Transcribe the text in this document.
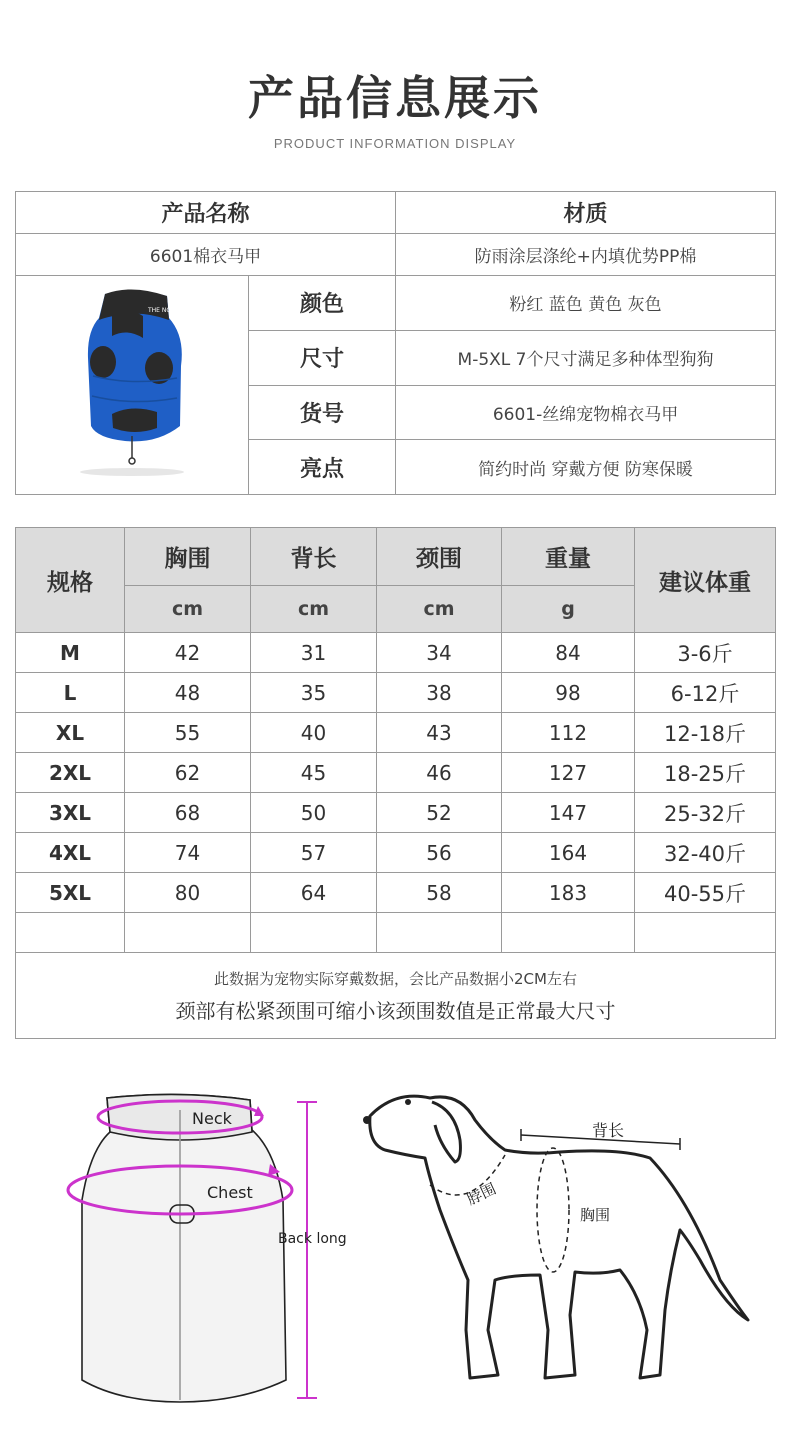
产品信息展示
PRODUCT INFORMATION DISPLAY
产品名称		材质
6601棉衣马甲		防雨涂层涤纶+内填优势PP棉

THE NORTH FACE	颜色	粉红 蓝色 黄色 灰色
	尺寸	M-5XL 7个尺寸满足多种体型狗狗
	货号	6601-丝绵宠物棉衣马甲
	亮点	简约时尚 穿戴方便 防寒保暖
规格	胸围	背长	颈围	重量	建议体重
	cm	cm	cm	g	
M	42	31	34	84	3-6斤
L	48	35	38	98	6-12斤
XL	55	40	43	112	12-18斤
2XL	62	45	46	127	18-25斤
3XL	68	50	52	147	25-32斤
4XL	74	57	56	164	32-40斤
5XL	80	64	58	183	40-55斤

此数据为宠物实际穿戴数据，会比产品数据小2CM左右
颈部有松紧颈围可缩小该颈围数值是正常最大尺寸					
Neck
Chest
Back long
背长
脖围
胸围
